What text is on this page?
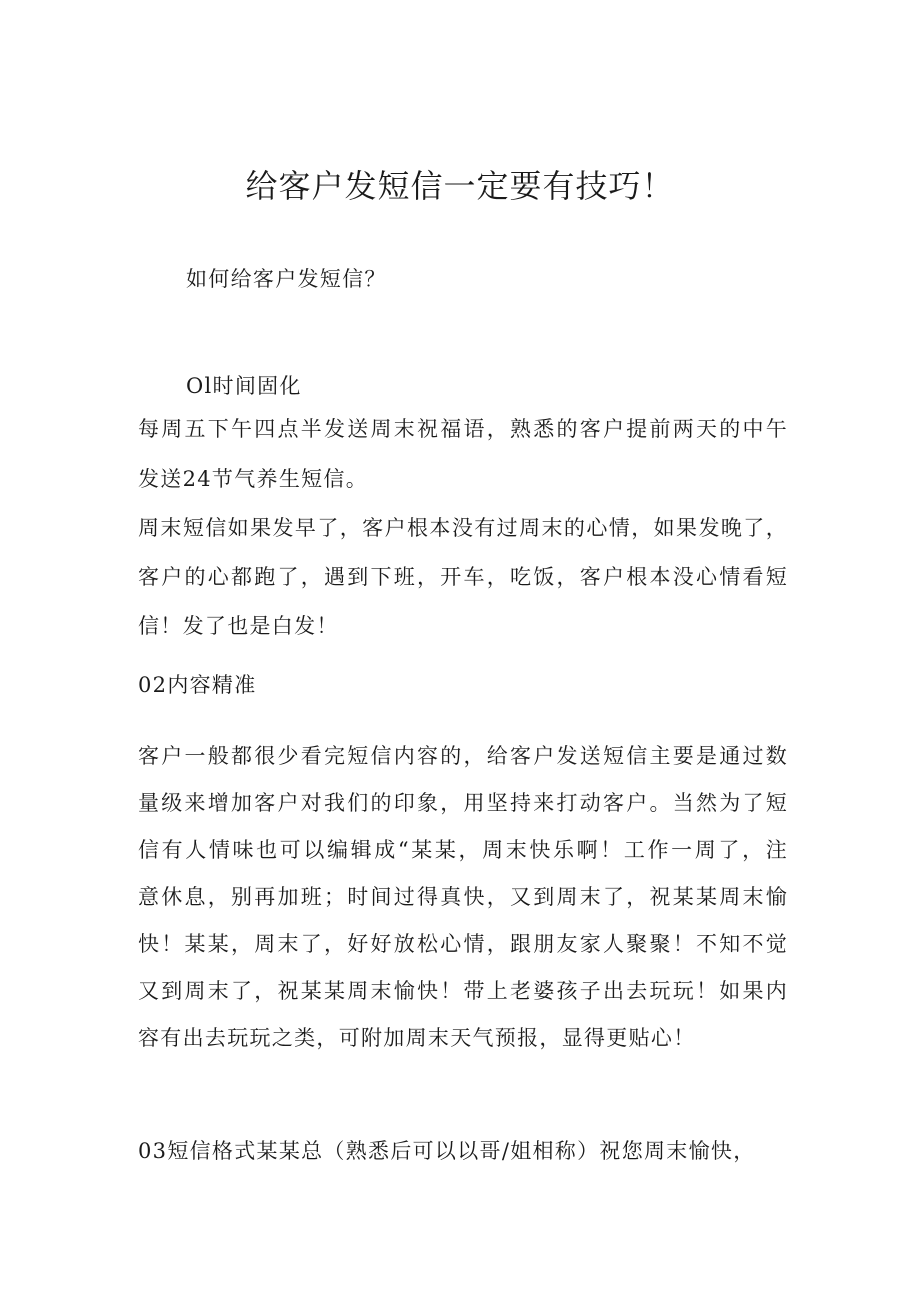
给客户发短信一定要有技巧！

如何给客户发短信？

Ol时间固化

每周五下午四点半发送周末祝福语，熟悉的客户提前两天的中午

发送24节气养生短信。

周末短信如果发早了，客户根本没有过周末的心情，如果发晚了，

客户的心都跑了，遇到下班，开车，吃饭，客户根本没心情看短

信！发了也是白发！

02内容精准

客户一般都很少看完短信内容的，给客户发送短信主要是通过数

量级来增加客户对我们的印象，用坚持来打动客户。当然为了短

信有人情味也可以编辑成“某某，周末快乐啊！工作一周了，注

意休息，别再加班；时间过得真快，又到周末了，祝某某周末愉

快！某某，周末了，好好放松心情，跟朋友家人聚聚！不知不觉

又到周末了，祝某某周末愉快！带上老婆孩子出去玩玩！如果内

容有出去玩玩之类，可附加周末天气预报，显得更贴心！

03短信格式某某总（熟悉后可以以哥/姐相称）祝您周末愉快，
